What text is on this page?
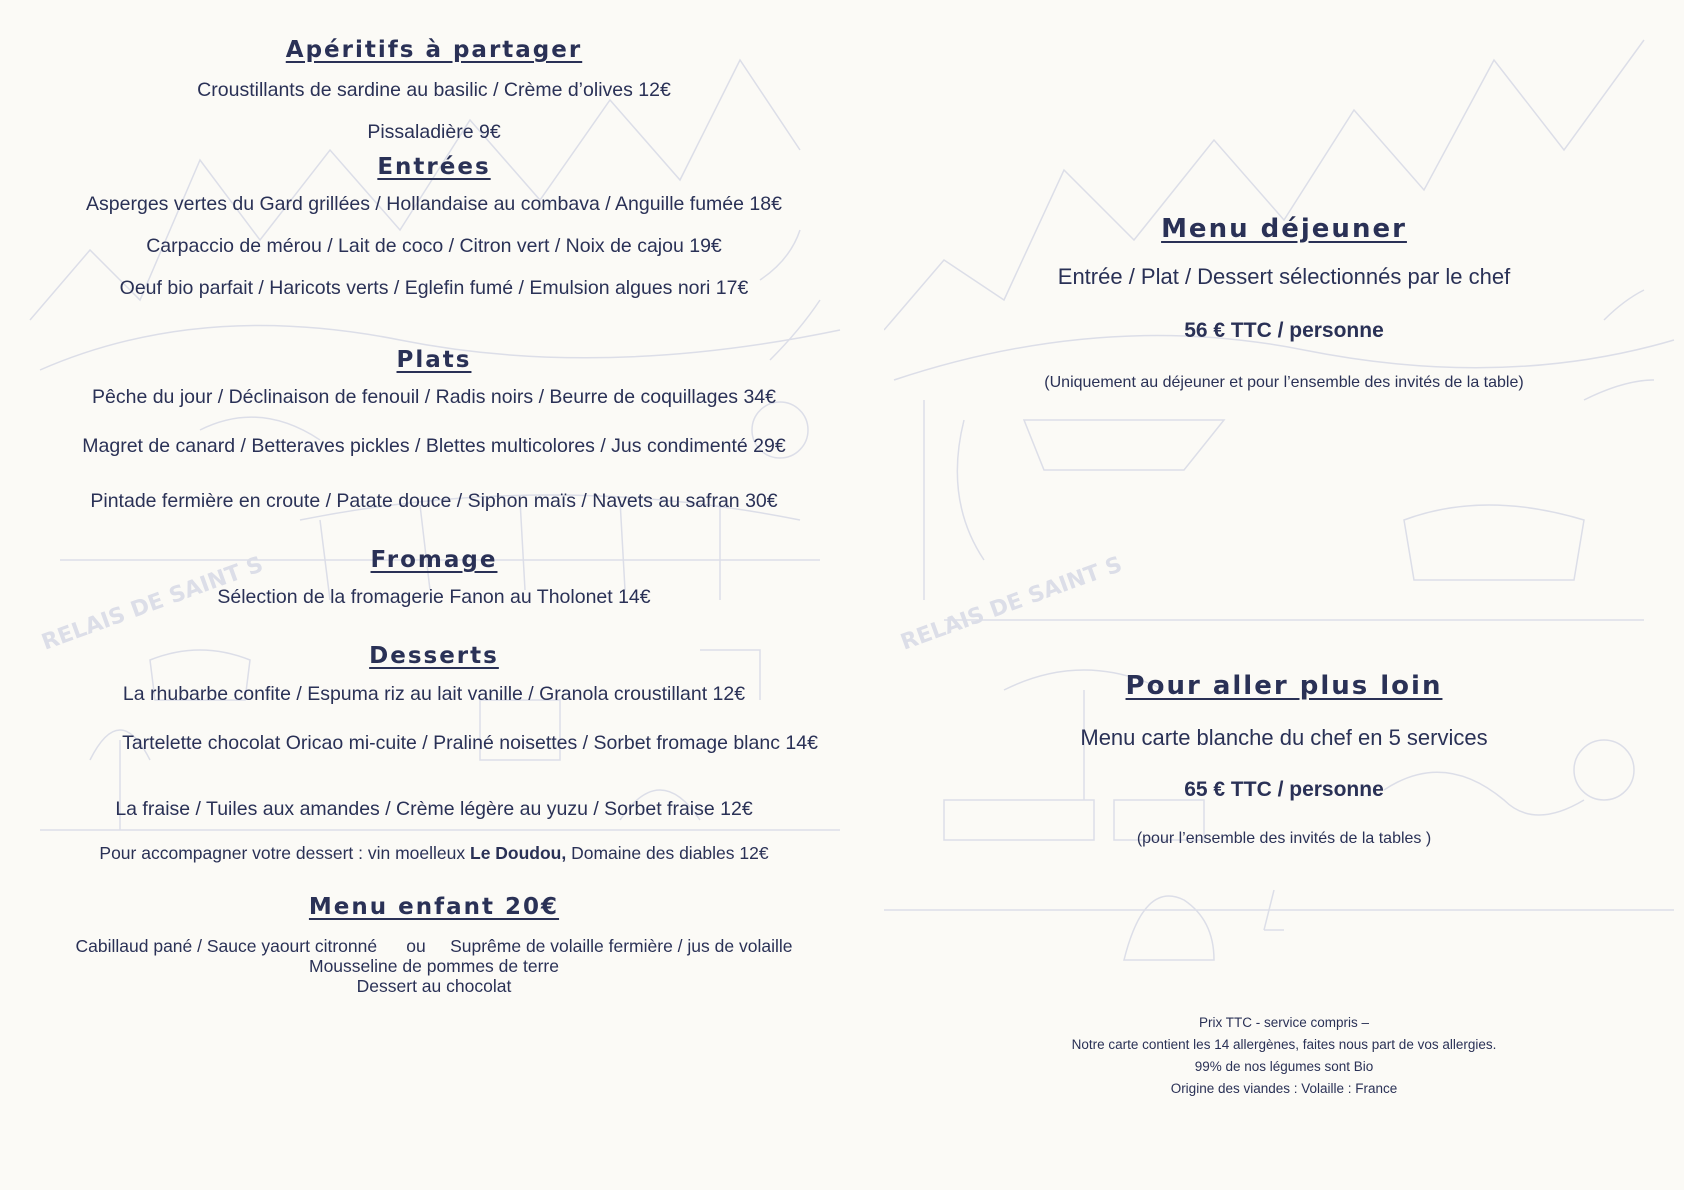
RELAIS DE SAINT S
Apéritifs à partager

Croustillants de sardine au basilic / Crème d’olives 12€

Pissaladière 9€

Entrées

Asperges vertes du Gard grillées / Hollandaise au combava / Anguille fumée 18€

Carpaccio de mérou / Lait de coco / Citron vert / Noix de cajou 19€

Oeuf bio parfait / Haricots verts / Eglefin fumé / Emulsion algues nori 17€

Plats

Pêche du jour / Déclinaison de fenouil / Radis noirs / Beurre de coquillages 34€

Magret de canard / Betteraves pickles / Blettes multicolores / Jus condimenté 29€

Pintade fermière en croute / Patate douce / Siphon maïs / Navets au safran 30€

Fromage

Sélection de la fromagerie Fanon au Tholonet 14€

Desserts

La rhubarbe confite / Espuma riz au lait vanille / Granola croustillant 12€

Tartelette chocolat Oricao mi-cuite / Praliné noisettes / Sorbet fromage blanc 14€

La fraise / Tuiles aux amandes / Crème légère au yuzu / Sorbet fraise 12€

Pour accompagner votre dessert : vin moelleux Le Doudou, Domaine des diables 12€

Menu enfant 20€

Cabillaud pané / Sauce yaourt citronné ou Suprême de volaille fermière / jus de volaille

Mousseline de pommes de terre

Dessert au chocolat

RELAIS DE SAINT S
Menu déjeuner

Entrée / Plat / Dessert sélectionnés par le chef

56 € TTC / personne

(Uniquement au déjeuner et pour l’ensemble des invités de la table)

Pour aller plus loin

Menu carte blanche du chef en 5 services

65 € TTC / personne

(pour l’ensemble des invités de la tables )

Prix TTC - service compris –

Notre carte contient les 14 allergènes, faites nous part de vos allergies.

99% de nos légumes sont Bio

Origine des viandes : Volaille : France
